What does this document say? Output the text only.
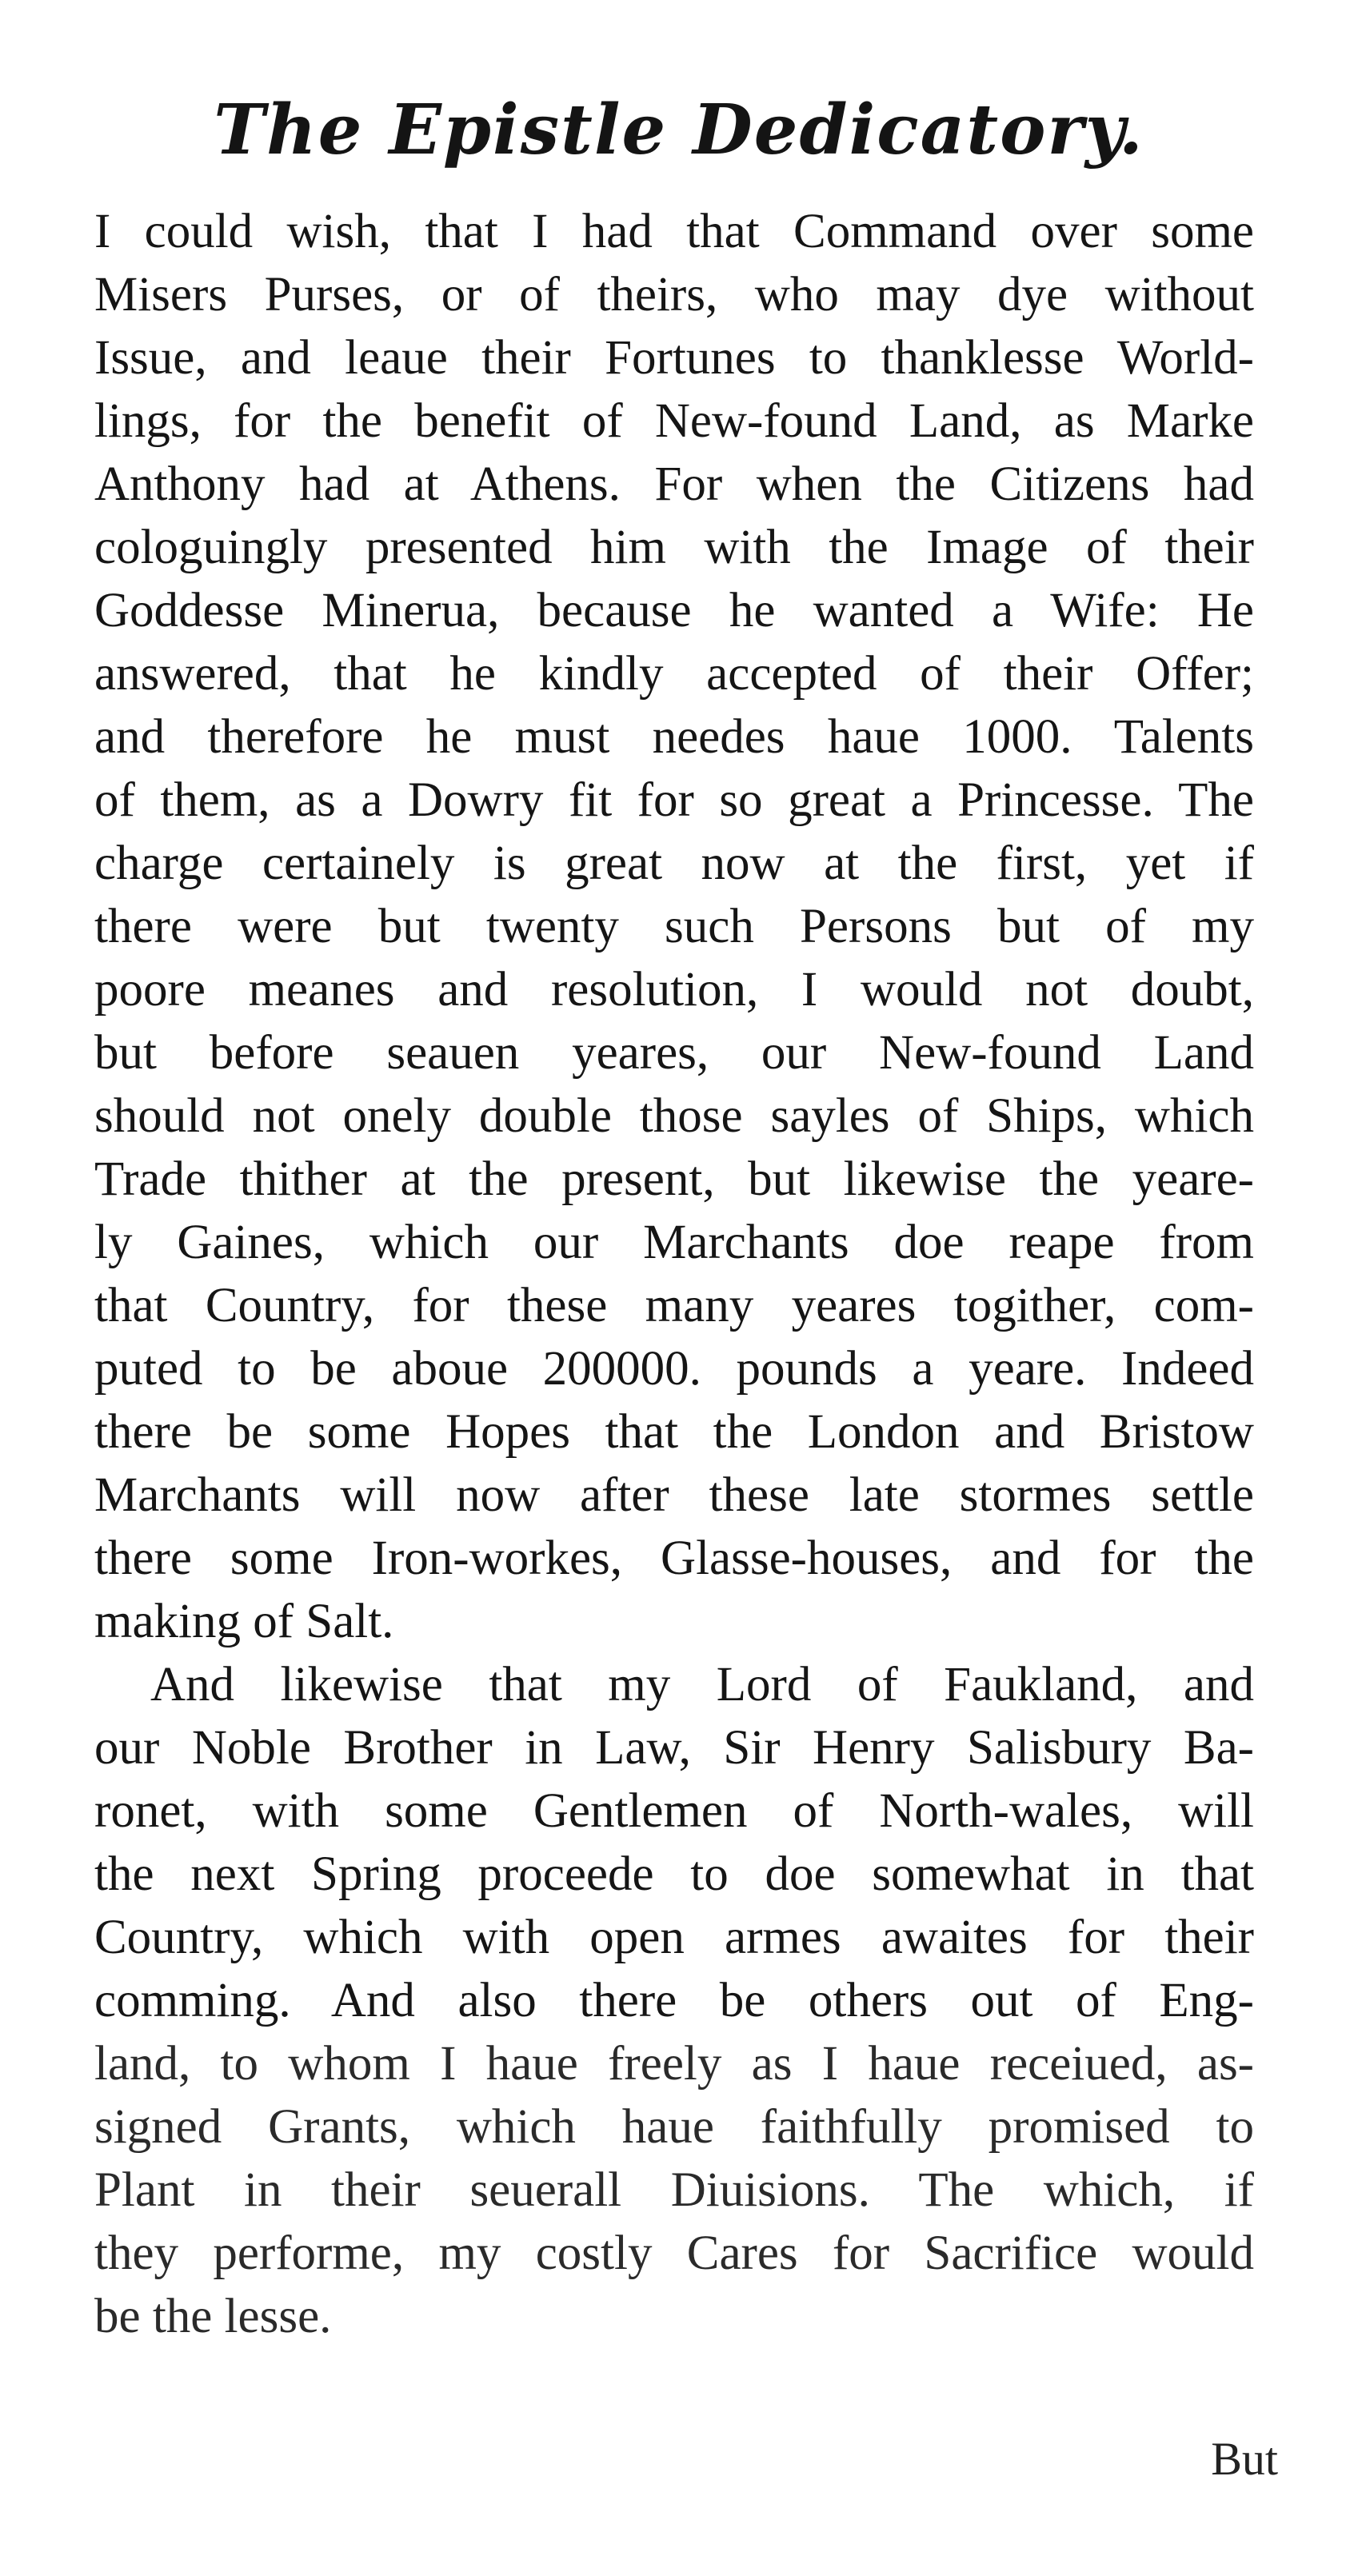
The Epistle Dedicatory.
I could wish, that I had that Command over some
Misers Purses, or of theirs, who may dye without
Issue, and leaue their Fortunes to thanklesse World-
lings, for the benefit of New-found Land, as Marke
Anthony had at Athens. For when the Citizens had
cologuingly presented him with the Image of their
Goddesse Minerua, because he wanted a Wife: He
answered, that he kindly accepted of their Offer;
and therefore he must needes haue 1000. Talents
of them, as a Dowry fit for so great a Princesse. The
charge certainely is great now at the first, yet if
there were but twenty such Persons but of my
poore meanes and resolution, I would not doubt,
but before seauen yeares, our New-found Land
should not onely double those sayles of Ships, which
Trade thither at the present, but likewise the yeare-
ly Gaines, which our Marchants doe reape from
that Country, for these many yeares togither, com-
puted to be aboue 200000. pounds a yeare. Indeed
there be some Hopes that the London and Bristow
Marchants will now after these late stormes settle
there some Iron-workes, Glasse-houses, and for the
making of Salt.
And likewise that my Lord of Faukland, and
our Noble Brother in Law, Sir Henry Salisbury Ba-
ronet, with some Gentlemen of North-wales, will
the next Spring proceede to doe somewhat in that
Country, which with open armes awaites for their
comming. And also there be others out of Eng-
land, to whom I haue freely as I haue receiued, as-
signed Grants, which haue faithfully promised to
Plant in their seuerall Diuisions. The which, if
they performe, my costly Cares for Sacrifice would
be the lesse.
But
